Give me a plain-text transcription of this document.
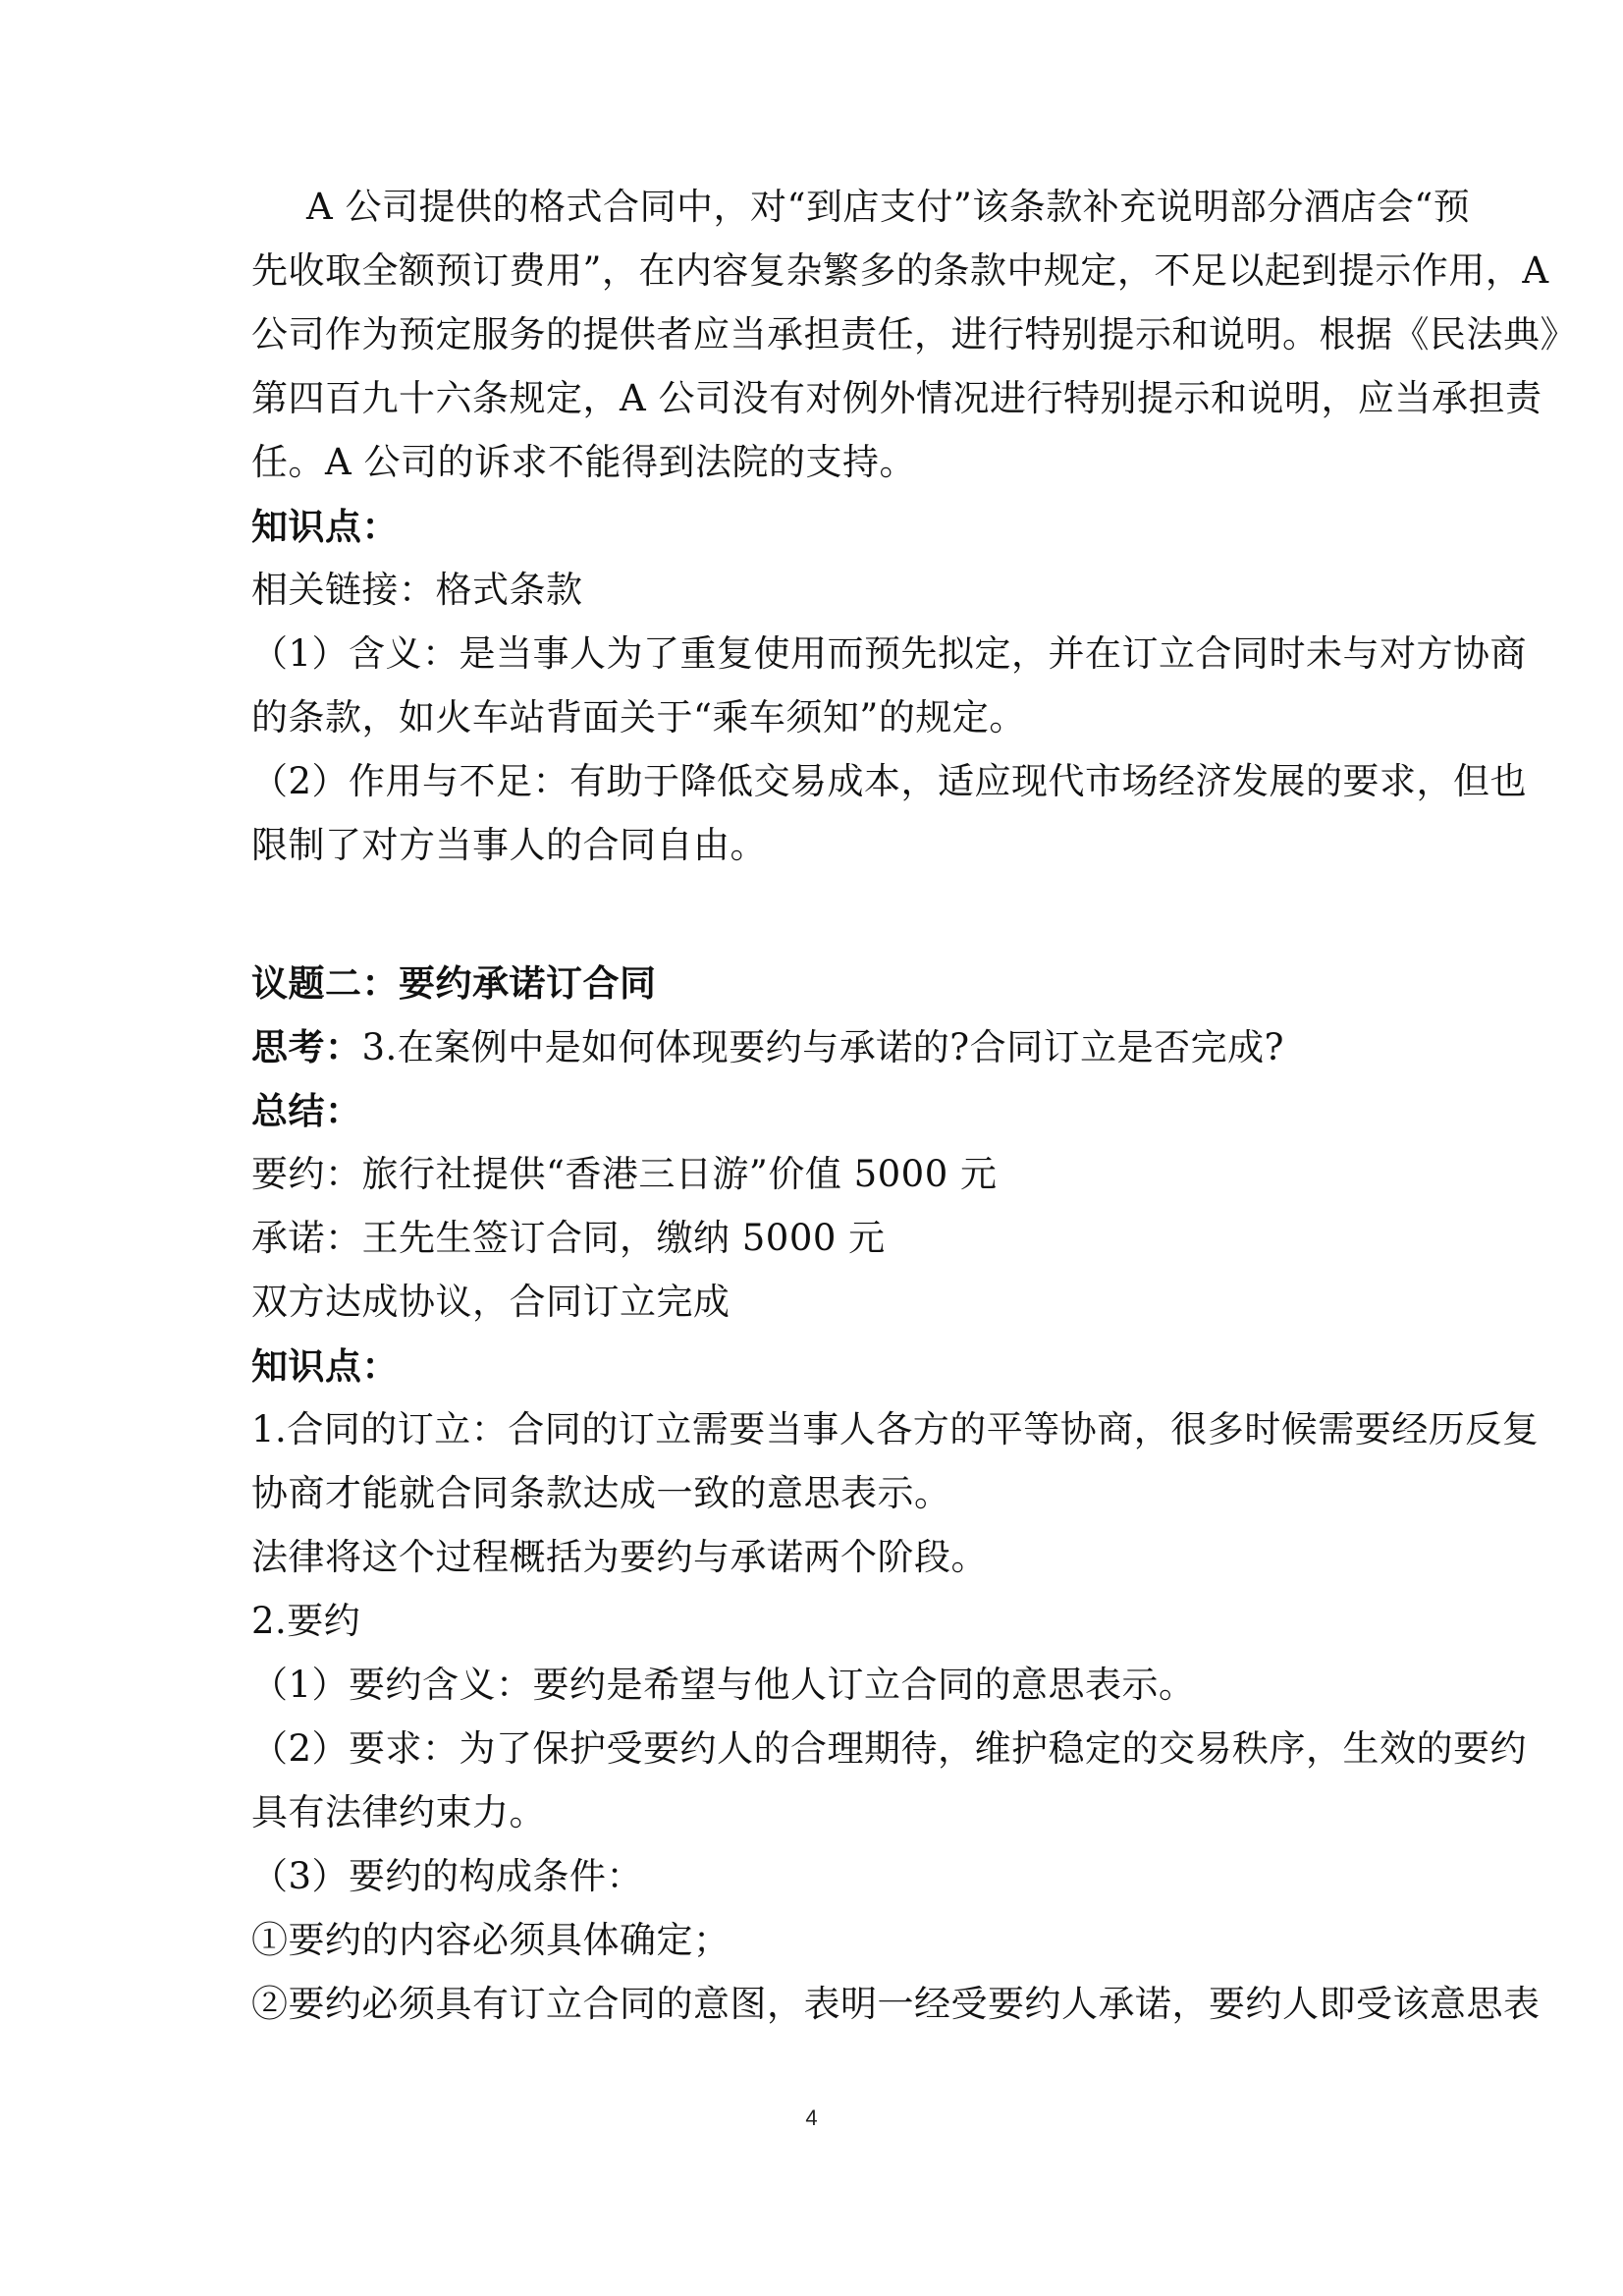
A 公司提供的格式合同中，对“到店支付”该条款补充说明部分酒店会“预
先收取全额预订费用”，在内容复杂繁多的条款中规定，不足以起到提示作用，A
公司作为预定服务的提供者应当承担责任，进行特别提示和说明。根据《民法典》
第四百九十六条规定，A 公司没有对例外情况进行特别提示和说明，应当承担责
任。A 公司的诉求不能得到法院的支持。
知识点：
相关链接：格式条款
（1）含义：是当事人为了重复使用而预先拟定，并在订立合同时未与对方协商
的条款，如火车站背面关于“乘车须知”的规定。
（2）作用与不足：有助于降低交易成本，适应现代市场经济发展的要求，但也
限制了对方当事人的合同自由。
议题二：要约承诺订合同
思考：3.在案例中是如何体现要约与承诺的?合同订立是否完成?
总结：
要约：旅行社提供“香港三日游”价值 5000 元
承诺：王先生签订合同，缴纳 5000 元
双方达成协议，合同订立完成
知识点：
1.合同的订立：合同的订立需要当事人各方的平等协商，很多时候需要经历反复
协商才能就合同条款达成一致的意思表示。
法律将这个过程概括为要约与承诺两个阶段。
2.要约
（1）要约含义：要约是希望与他人订立合同的意思表示。
（2）要求：为了保护受要约人的合理期待，维护稳定的交易秩序，生效的要约
具有法律约束力。
（3）要约的构成条件：
①要约的内容必须具体确定；
②要约必须具有订立合同的意图，表明一经受要约人承诺，要约人即受该意思表
4
